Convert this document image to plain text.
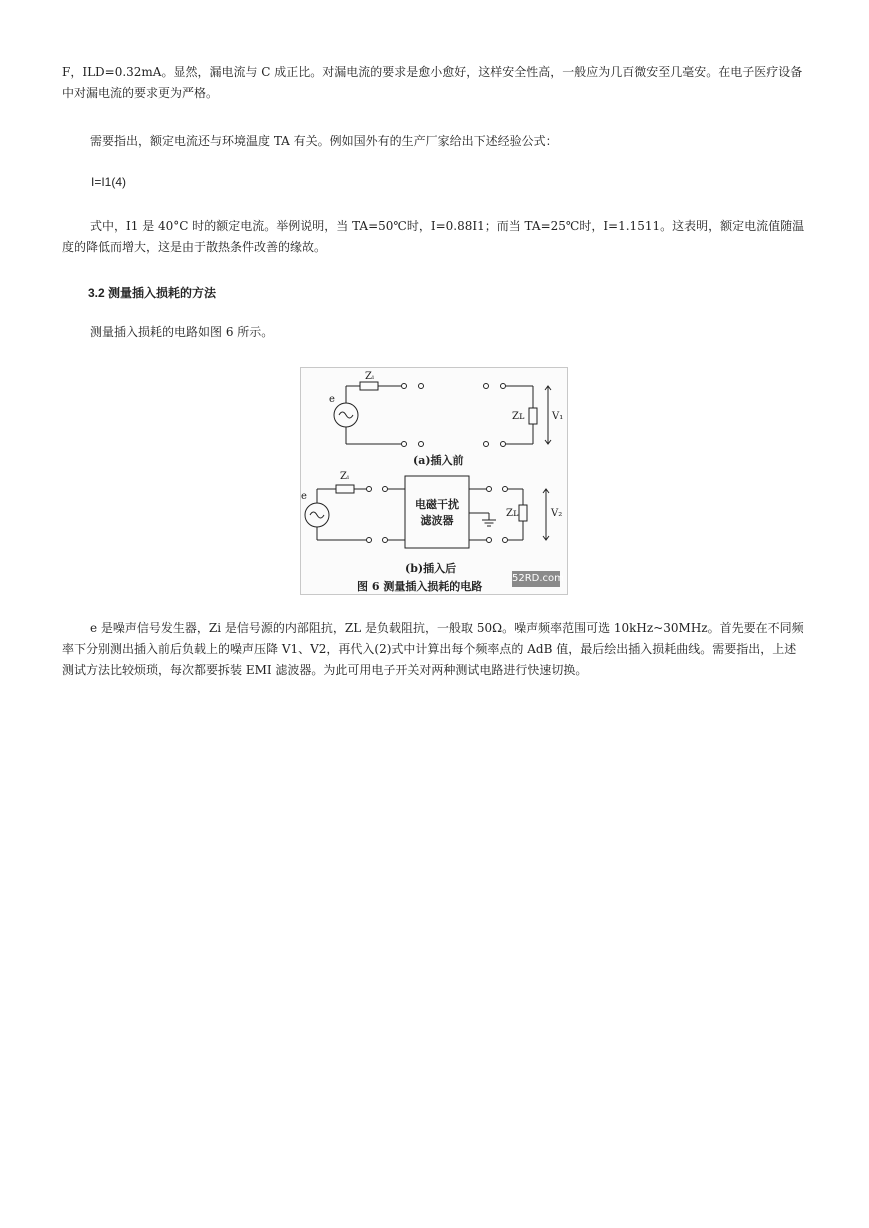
F，ILD=0.32mA。显然，漏电流与 C 成正比。对漏电流的要求是愈小愈好，这样安全性高，一般应为几百微安至几毫安。在电子医疗设备中对漏电流的要求更为严格。

需要指出，额定电流还与环境温度 TA 有关。例如国外有的生产厂家给出下述经验公式：

I=I1(4)

式中，I1 是 40°C 时的额定电流。举例说明，当 TA=50℃时，I=0.88I1；而当 TA=25℃时，I=1.1511。这表明，额定电流值随温度的降低而增大，这是由于散热条件改善的缘故。

3.2 测量插入损耗的方法

测量插入损耗的电路如图 6 所示。

Zᵢ
e
Zʟ	V₁
(a)插入前
Zᵢ
e
电磁干扰
滤波器
Zʟ	V₂
(b)插入后
图 6 测量插入损耗的电路
52RD.com

e 是噪声信号发生器，Zi 是信号源的内部阻抗，ZL 是负载阻抗，一般取 50Ω。噪声频率范围可选 10kHz~30MHz。首先要在不同频率下分别测出插入前后负载上的噪声压降 V1、V2，再代入(2)式中计算出每个频率点的 AdB 值，最后绘出插入损耗曲线。需要指出，上述测试方法比较烦琐，每次都要拆装 EMI 滤波器。为此可用电子开关对两种测试电路进行快速切换。
